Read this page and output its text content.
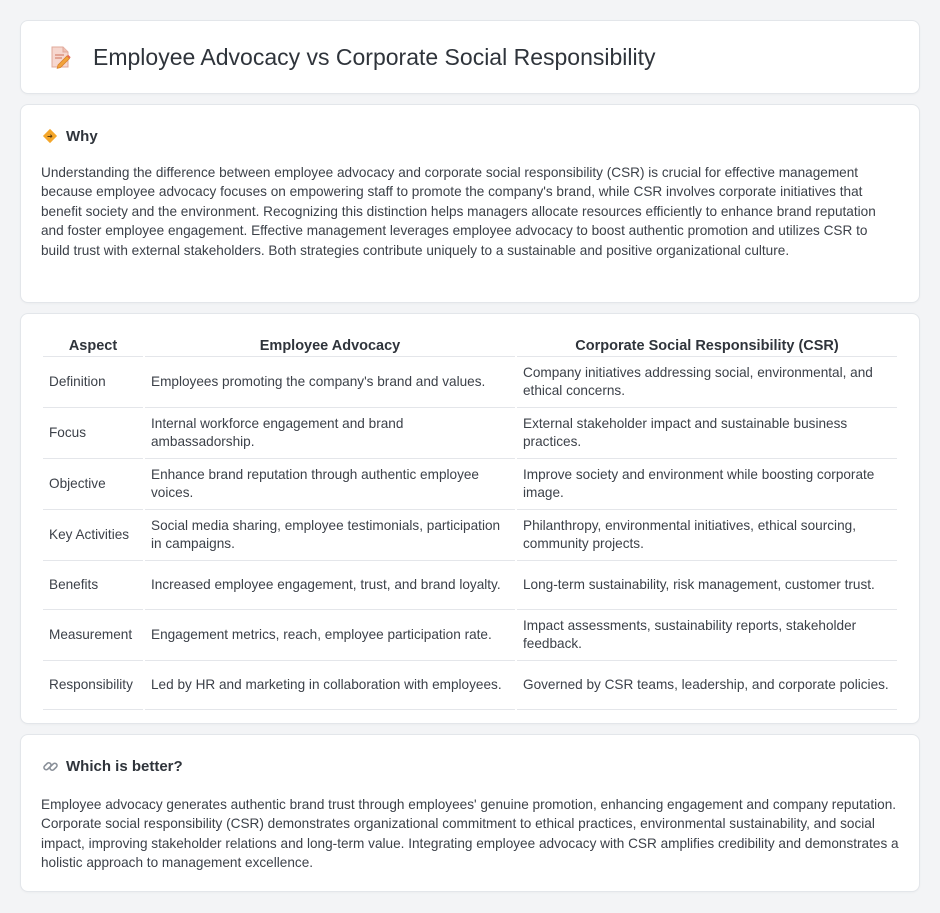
Employee Advocacy vs Corporate Social Responsibility
Why

Understanding the difference between employee advocacy and corporate social responsibility (CSR) is crucial for effective management because employee advocacy focuses on empowering staff to promote the company's brand, while CSR involves corporate initiatives that benefit society and the environment. Recognizing this distinction helps managers allocate resources efficiently to enhance brand reputation and foster employee engagement. Effective management leverages employee advocacy to boost authentic promotion and utilizes CSR to build trust with external stakeholders. Both strategies contribute uniquely to a sustainable and positive organizational culture.

Aspect	Employee Advocacy	Corporate Social Responsibility (CSR)
Definition	Employees promoting the company's brand and values.	Company initiatives addressing social, environmental, and ethical concerns.
Focus	Internal workforce engagement and brand ambassadorship.	External stakeholder impact and sustainable business practices.
Objective	Enhance brand reputation through authentic employee voices.	Improve society and environment while boosting corporate image.
Key Activities	Social media sharing, employee testimonials, participation in campaigns.	Philanthropy, environmental initiatives, ethical sourcing, community projects.
Benefits	Increased employee engagement, trust, and brand loyalty.	Long-term sustainability, risk management, customer trust.
Measurement	Engagement metrics, reach, employee participation rate.	Impact assessments, sustainability reports, stakeholder feedback.
Responsibility	Led by HR and marketing in collaboration with employees.	Governed by CSR teams, leadership, and corporate policies.
Which is better?

Employee advocacy generates authentic brand trust through employees' genuine promotion, enhancing engagement and company reputation. Corporate social responsibility (CSR) demonstrates organizational commitment to ethical practices, environmental sustainability, and social impact, improving stakeholder relations and long-term value. Integrating employee advocacy with CSR amplifies credibility and demonstrates a holistic approach to management excellence.
